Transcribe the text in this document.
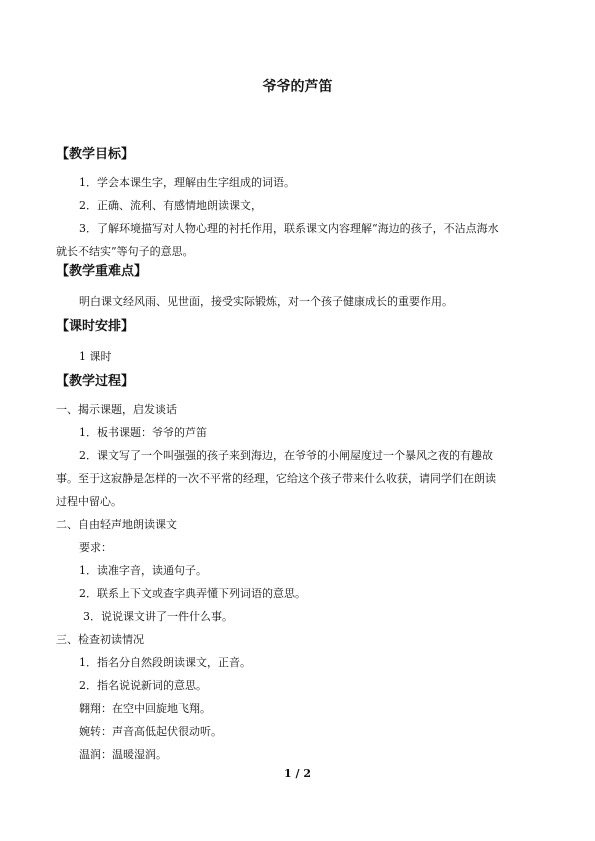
爷爷的芦笛
【教学目标】
1．学会本课生字，理解由生字组成的词语。
2．正确、流利、有感情地朗读课文，
3．了解环境描写对人物心理的衬托作用，联系课文内容理解“海边的孩子，不沾点海水
就长不结实”等句子的意思。
【教学重难点】
明白课文经风雨、见世面，接受实际锻炼，对一个孩子健康成长的重要作用。
【课时安排】
1 课时
【教学过程】
一、揭示课题，启发谈话
1．板书课题：爷爷的芦笛
2．课文写了一个叫强强的孩子来到海边，在爷爷的小闸屋度过一个暴风之夜的有趣故
事。至于这寂静是怎样的一次不平常的经理，它给这个孩子带来什么收获，请同学们在朗读
过程中留心。
二、自由轻声地朗读课文
要求：
1．读准字音，读通句子。
2．联系上下文或查字典弄懂下列词语的意思。
3．说说课文讲了一件什么事。
三、检查初读情况
1．指名分自然段朗读课文，正音。
2．指名说说新词的意思。
翱翔：在空中回旋地飞翔。
婉转：声音高低起伏很动听。
温润：温暖湿润。
1 / 2
